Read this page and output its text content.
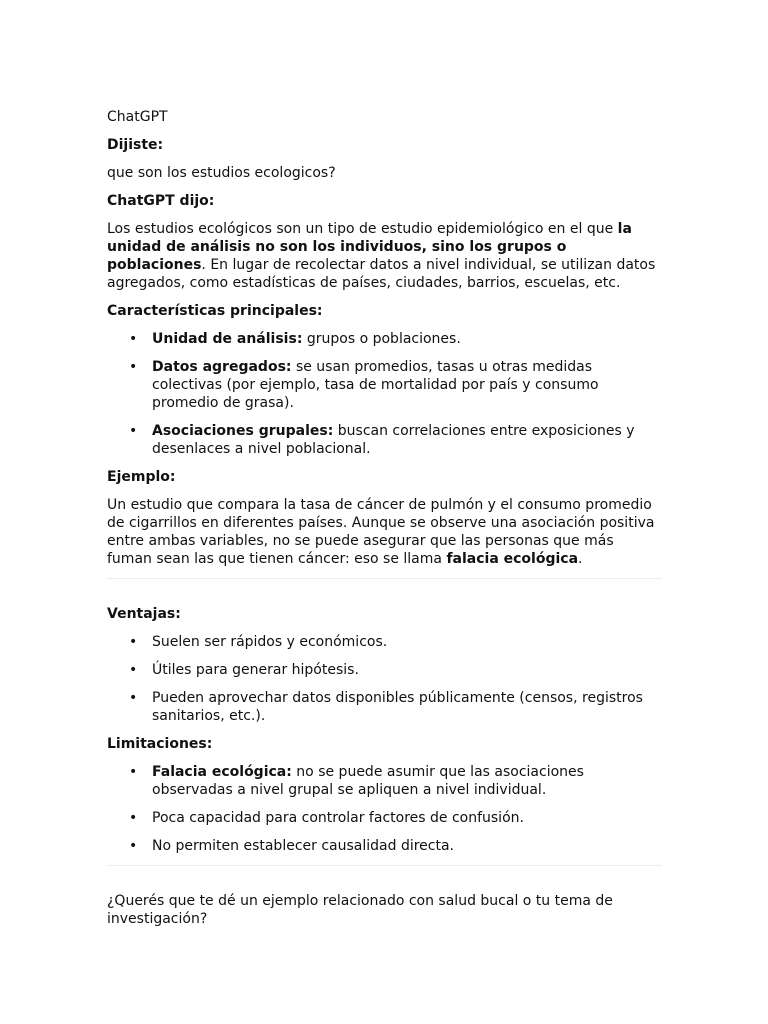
ChatGPT

Dijiste:

que son los estudios ecologicos?

ChatGPT dijo:

Los estudios ecológicos son un tipo de estudio epidemiológico en el que la unidad de análisis no son los individuos, sino los grupos o poblaciones. En lugar de recolectar datos a nivel individual, se utilizan datos agregados, como estadísticas de países, ciudades, barrios, escuelas, etc.

Características principales:

• Unidad de análisis: grupos o poblaciones.
• Datos agregados: se usan promedios, tasas u otras medidas colectivas (por ejemplo, tasa de mortalidad por país y consumo promedio de grasa).
• Asociaciones grupales: buscan correlaciones entre exposiciones y desenlaces a nivel poblacional.

Ejemplo:

Un estudio que compara la tasa de cáncer de pulmón y el consumo promedio de cigarrillos en diferentes países. Aunque se observe una asociación positiva entre ambas variables, no se puede asegurar que las personas que más fuman sean las que tienen cáncer: eso se llama falacia ecológica.

Ventajas:

• Suelen ser rápidos y económicos.
• Útiles para generar hipótesis.
• Pueden aprovechar datos disponibles públicamente (censos, registros sanitarios, etc.).

Limitaciones:

• Falacia ecológica: no se puede asumir que las asociaciones observadas a nivel grupal se apliquen a nivel individual.
• Poca capacidad para controlar factores de confusión.
• No permiten establecer causalidad directa.

¿Querés que te dé un ejemplo relacionado con salud bucal o tu tema de investigación?
